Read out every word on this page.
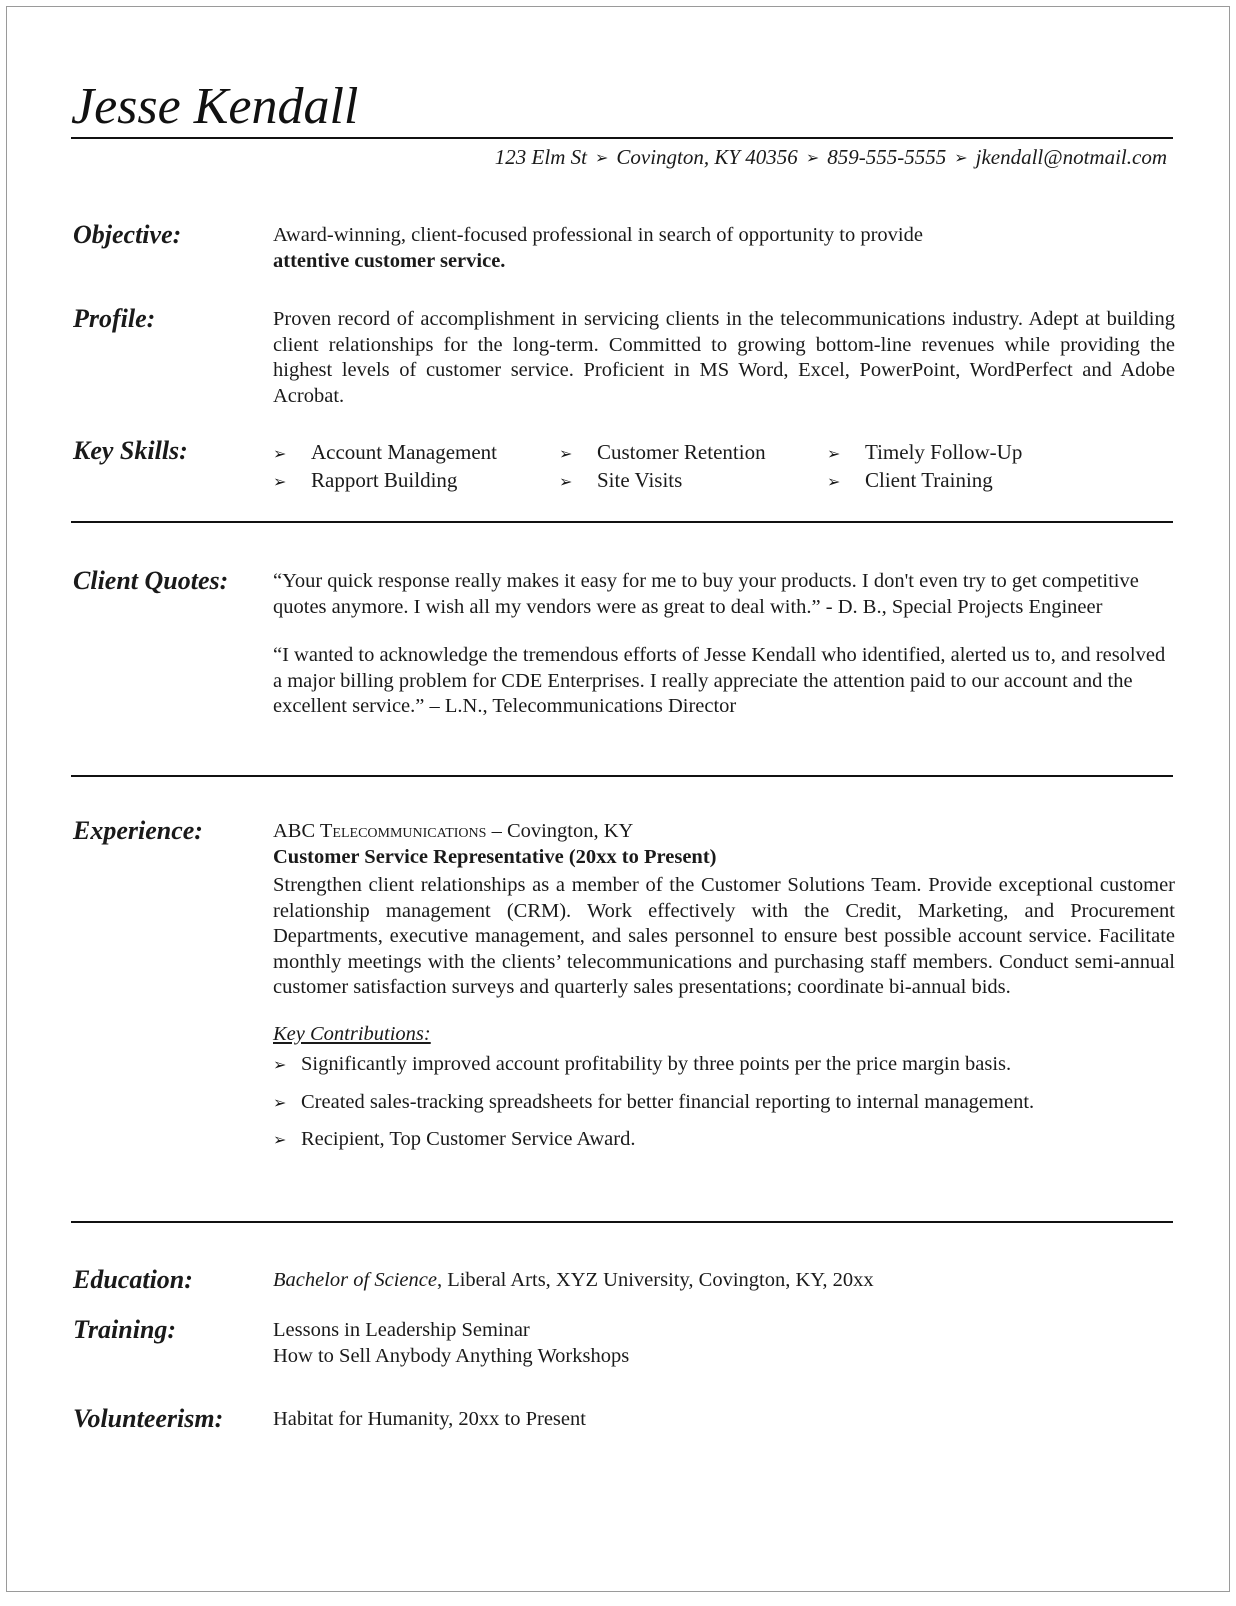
Jesse Kendall
123 Elm St ➢ Covington, KY 40356 ➢ 859-555-5555 ➢ jkendall@notmail.com
Objective:	Award-winning, client-focused professional in search of opportunity to provide

attentive customer service.

Profile:	Proven record of accomplishment in servicing clients in the telecommunications industry. Adept at building client relationships for the long-term. Committed to growing bottom-line revenues while providing the highest levels of customer service. Proficient in MS Word, Excel, PowerPoint, WordPerfect and Adobe Acrobat.
Key Skills:	➢	Account Management	➢	Customer Retention	➢	Timely Follow-Up
➢	Rapport Building	➢	Site Visits	➢	Client Training
Client Quotes: “Your quick response really makes it easy for me to buy your products. I don't even try to get competitive quotes anymore. I wish all my vendors were as great to deal with.” - D. B., Special Projects Engineer

“I wanted to acknowledge the tremendous efforts of Jesse Kendall who identified, alerted us to, and resolved a major billing problem for CDE Enterprises. I really appreciate the attention paid to our account and the excellent service.” – L.N., Telecommunications Director

Experience:	ABC Telecommunications – Covington, KY

Customer Service Representative (20xx to Present)

Strengthen client relationships as a member of the Customer Solutions Team. Provide exceptional customer relationship management (CRM). Work effectively with the Credit, Marketing, and Procurement Departments, executive management, and sales personnel to ensure best possible account service. Facilitate monthly meetings with the clients’ telecommunications and purchasing staff members. Conduct semi-annual customer satisfaction surveys and quarterly sales presentations; coordinate bi-annual bids.

Key Contributions:

➢ Significantly improved account profitability by three points per the price margin basis.
➢ Created sales-tracking spreadsheets for better financial reporting to internal management.
➢ Recipient, Top Customer Service Award.
Education:	Bachelor of Science, Liberal Arts, XYZ University, Covington, KY, 20xx
Training:	Lessons in Leadership Seminar

How to Sell Anybody Anything Workshops

Volunteerism: Habitat for Humanity, 20xx to Present
